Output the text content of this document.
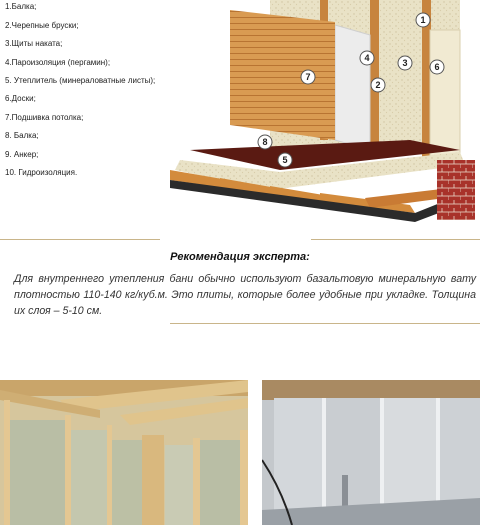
1.Балка;
2.Черепные бруски;
3.Щиты наката;
4.Пароизоляция (пергамин);
5. Утеплитель (минераловатные листы);
6.Доски;
7.Подшивка потолка;
8. Балка;
9. Анкер;
10. Гидроизоляция.
1
2
3
4
5
6
7
8
Рекомендация эксперта:
Для внутреннего утепления бани обычно используют базальтовую минеральную вату плотностью 110-140 кг/куб.м. Это плиты, которые более удобные при укладке. Толщина их слоя – 5-10 см.
